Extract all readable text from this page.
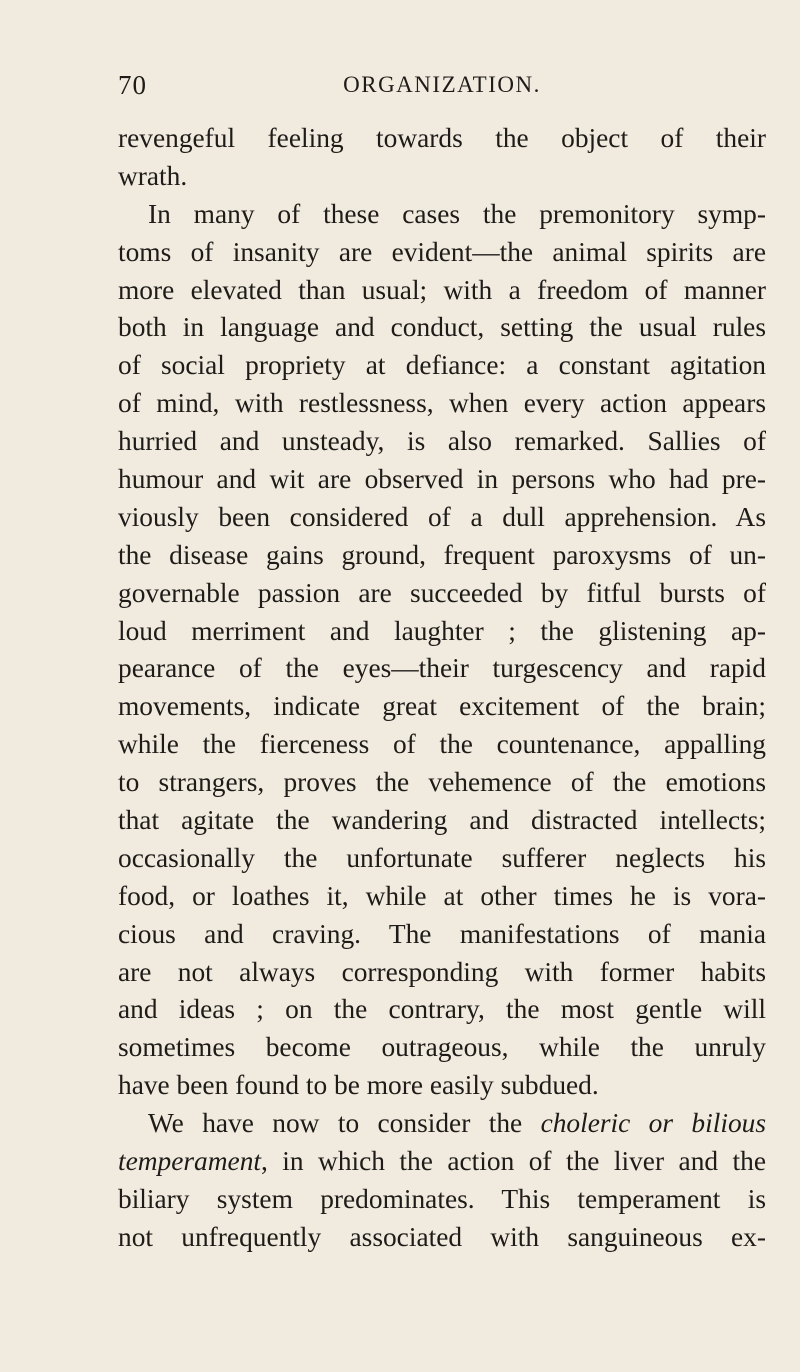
70	ORGANIZATION.
revengeful feeling towards the object of their
wrath.
In many of these cases the premonitory symp-
toms of insanity are evident—the animal spirits are
more elevated than usual; with a freedom of manner
both in language and conduct, setting the usual rules
of social propriety at defiance: a constant agitation
of mind, with restlessness, when every action appears
hurried and unsteady, is also remarked. Sallies of
humour and wit are observed in persons who had pre-
viously been considered of a dull apprehension. As
the disease gains ground, frequent paroxysms of un-
governable passion are succeeded by fitful bursts of
loud merriment and laughter ; the glistening ap-
pearance of the eyes—their turgescency and rapid
movements, indicate great excitement of the brain;
while the fierceness of the countenance, appalling
to strangers, proves the vehemence of the emotions
that agitate the wandering and distracted intellects;
occasionally the unfortunate sufferer neglects his
food, or loathes it, while at other times he is vora-
cious and craving. The manifestations of mania
are not always corresponding with former habits
and ideas ; on the contrary, the most gentle will
sometimes become outrageous, while the unruly
have been found to be more easily subdued.
We have now to consider the choleric or bilious
temperament, in which the action of the liver and the
biliary system predominates. This temperament is
not unfrequently associated with sanguineous ex-
